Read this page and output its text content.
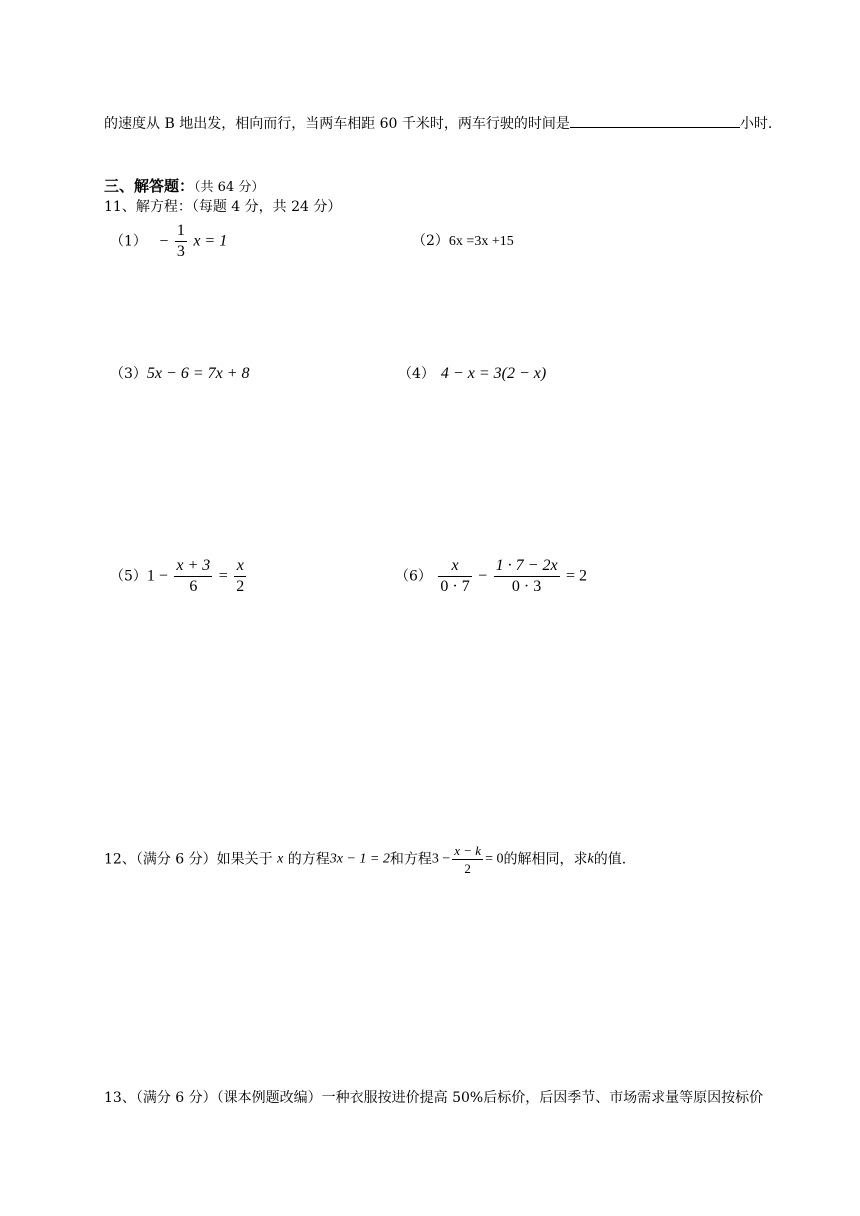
的速度从 B 地出发，相向而行，当两车相距 60 千米时，两车行驶的时间是	小时.
三、解答题：（共 64 分）
11、解方程：（每题 4 分，共 24 分）
$(1) - \frac{1}{3}$ x = 1	（2）6x =3x +15
（3）5x − 6 = 7x + 8	（4） 4 − x = 3(2 − x)
$(5)1 - \frac{x + 3}{6} = \frac{x}{2}$	$(6) \frac{x}{0 \cdot 7} - \frac{1 \cdot 7 - 2x}{0 \cdot 3} = 2$
12、（满分 6 分）如果关于 x 的方程3x − 1 = 2和方程$3 - \frac{x - k}{2} = 0$的解相同，求k的值.
13、（满分 6 分）（课本例题改编）一种衣服按进价提高 50%后标价，后因季节、市场需求量等原因按标价
